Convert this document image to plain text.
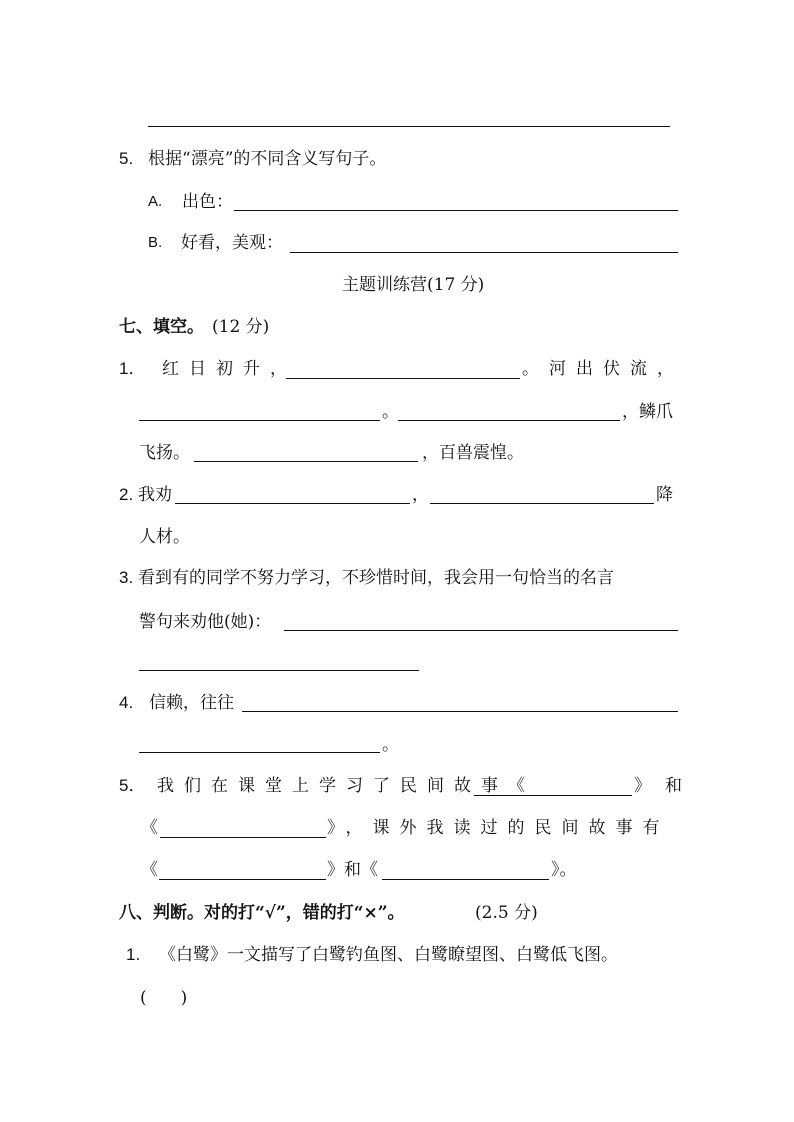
5. 根据“漂亮”的不同含义写句子。
A. 出色：
B. 好看，美观：
主题训练营(17 分)
七、填空。 (12 分)
1． 红日初升，	。河出伏流，
。	，鳞爪
飞扬。	，百兽震惶。
2. 我劝	，	降
人材。
3. 看到有的同学不努力学习，不珍惜时间，我会用一句恰当的名言
警句来劝他(她)：
4. 信赖，往往
。
5． 我们在课堂上学习了民间故事《	》和
《	》，课外我读过的民间故事有
《	》和《	》。
八、判断。对的打“√”，错的打“×”。	(2.5 分)
1. 《白鹭》一文描写了白鹭钓鱼图、白鹭瞭望图、白鹭低飞图。
(　　)
